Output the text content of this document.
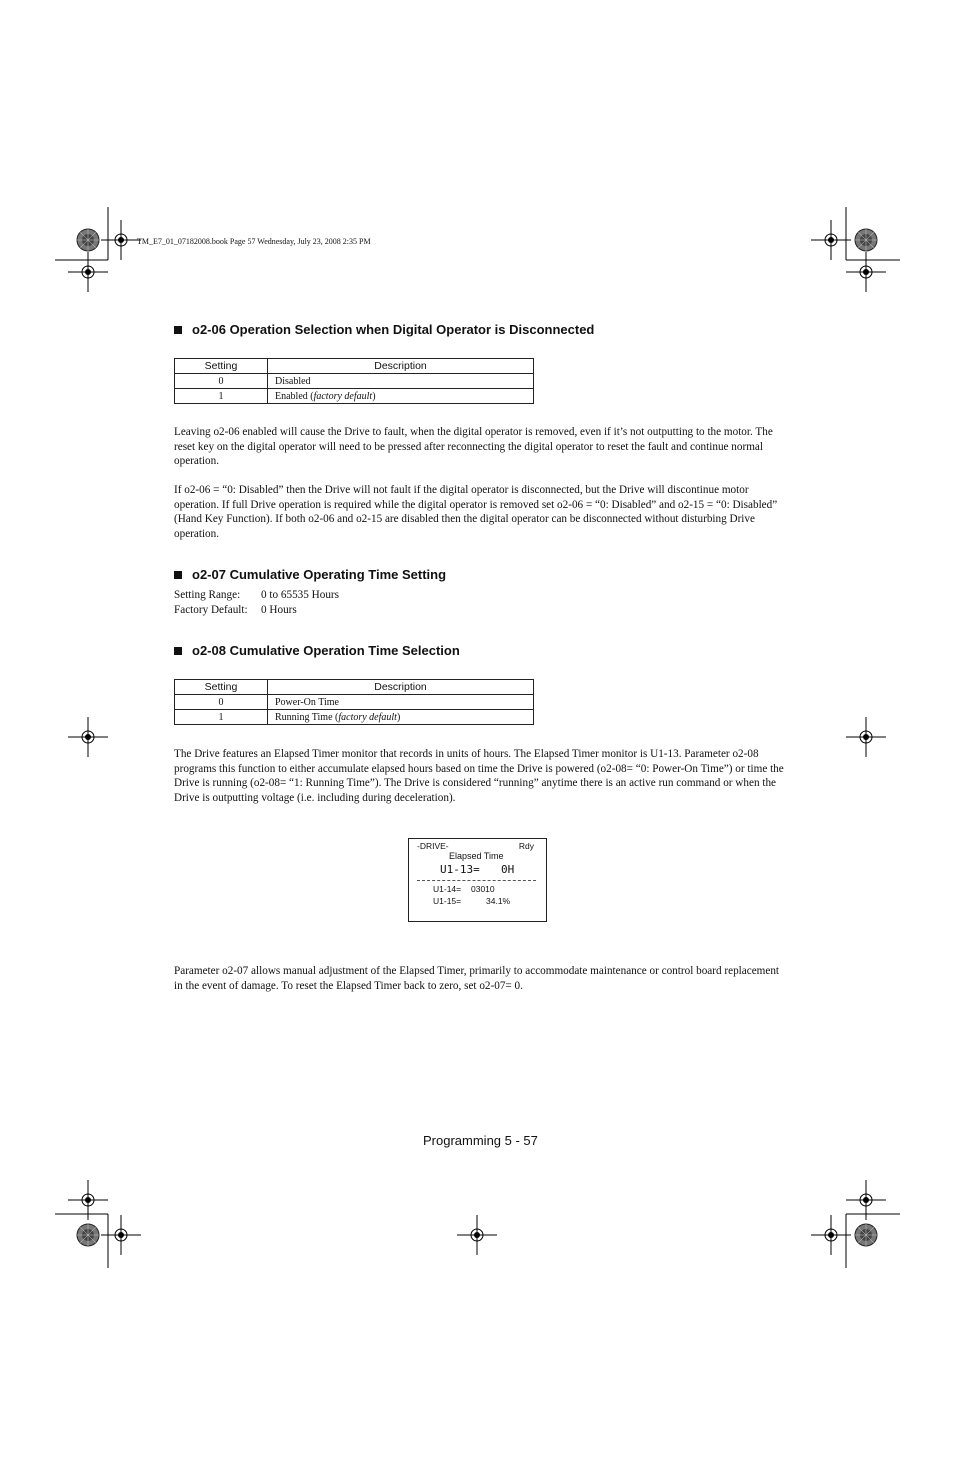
TM_E7_01_07182008.book Page 57 Wednesday, July 23, 2008 2:35 PM
o2-06 Operation Selection when Digital Operator is Disconnected
Setting	Description
0	Disabled
1	Enabled (factory default)
Leaving o2-06 enabled will cause the Drive to fault, when the digital operator is removed, even if it’s not outputting to the motor. The reset key on the digital operator will need to be pressed after reconnecting the digital operator to reset the fault and continue normal operation.
If o2-06 = “0: Disabled” then the Drive will not fault if the digital operator is disconnected, but the Drive will discontinue motor operation. If full Drive operation is required while the digital operator is removed set o2-06 = “0: Disabled” and o2-15 = “0: Disabled” (Hand Key Function). If both o2-06 and o2-15 are disabled then the digital operator can be disconnected without disturbing Drive operation.
o2-07 Cumulative Operating Time Setting
Setting Range: 0 to 65535 Hours
Factory Default: 0 Hours
o2-08 Cumulative Operation Time Selection
Setting	Description
0	Power-On Time
1	Running Time (factory default)
The Drive features an Elapsed Timer monitor that records in units of hours. The Elapsed Timer monitor is U1-13. Parameter o2-08 programs this function to either accumulate elapsed hours based on time the Drive is powered (o2-08= “0: Power-On Time”) or time the Drive is running (o2-08= “1: Running Time”). The Drive is considered “running” anytime there is an active run command or when the Drive is outputting voltage (i.e. including during deceleration).
-DRIVE-	Rdy
Elapsed Time
U1-13= 0H
U1-14= 03010
U1-15=	34.1%
Parameter o2-07 allows manual adjustment of the Elapsed Timer, primarily to accommodate maintenance or control board replacement in the event of damage. To reset the Elapsed Timer back to zero, set o2-07= 0.
Programming 5 - 57
